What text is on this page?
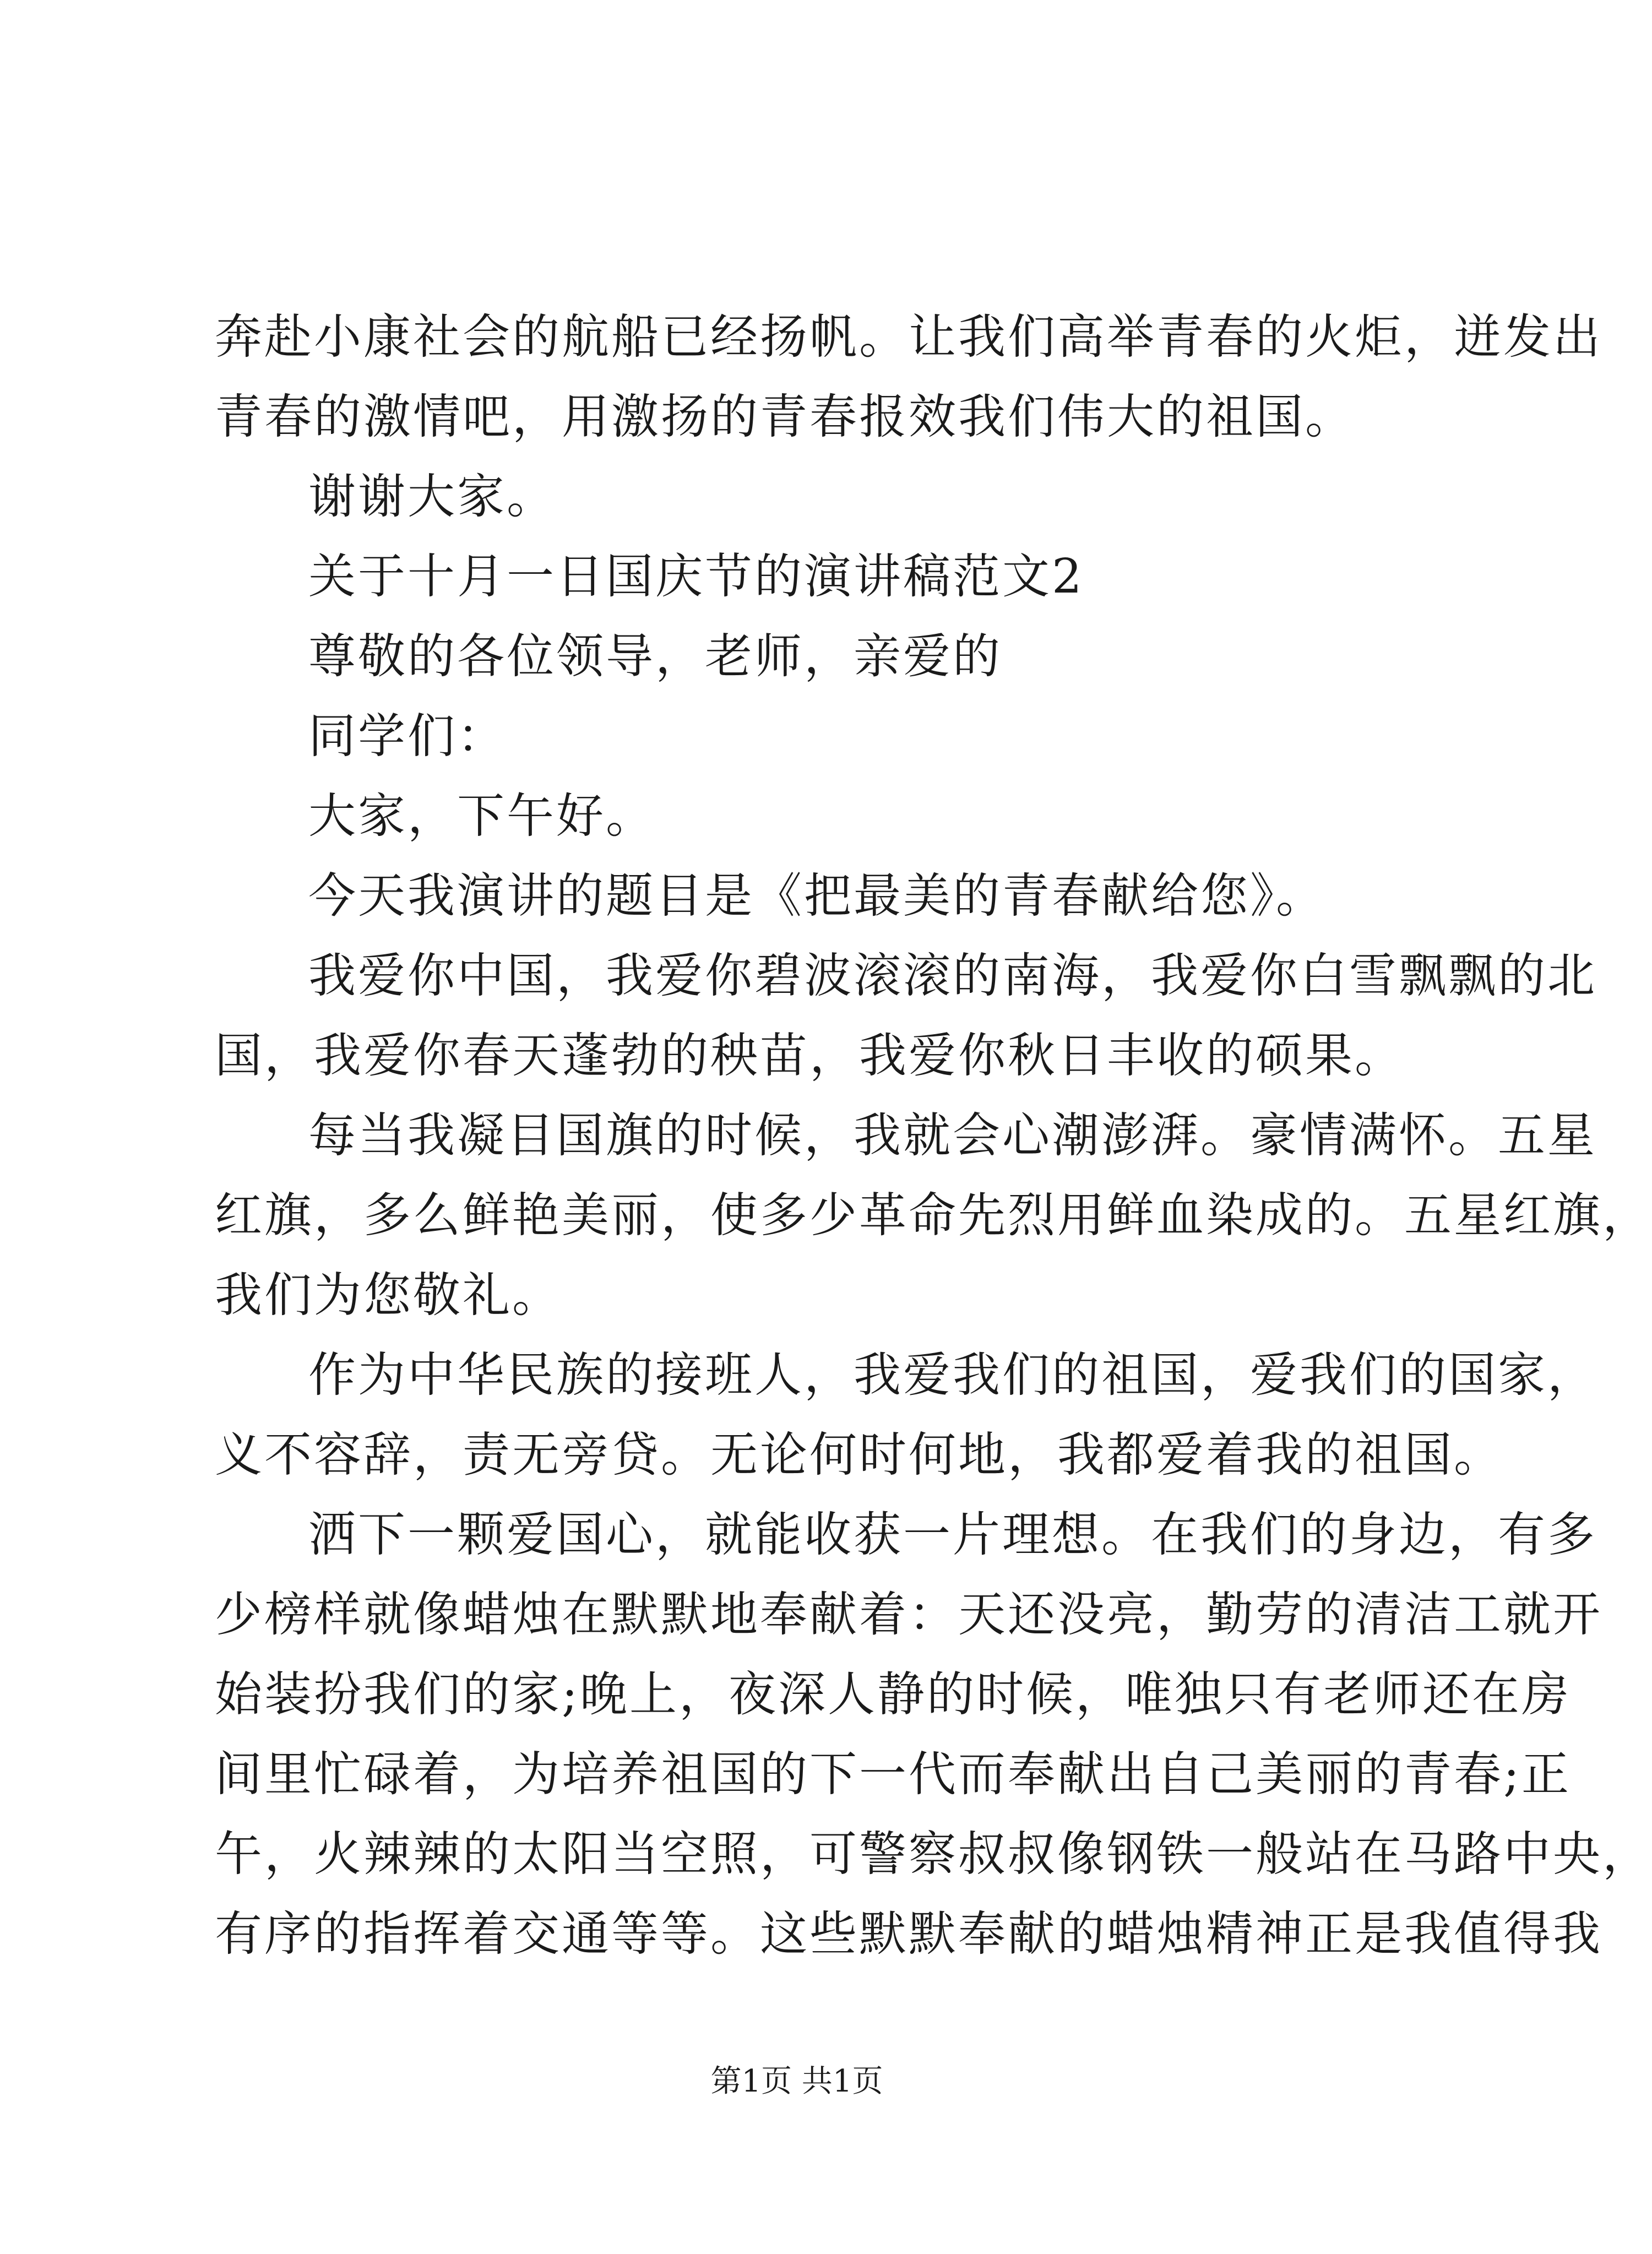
奔赴小康社会的航船已经扬帆。让我们高举青春的火炬，迸发出
青春的激情吧，用激扬的青春报效我们伟大的祖国。
谢谢大家。
关于十月一日国庆节的演讲稿范文2
尊敬的各位领导，老师，亲爱的
同学们：
大家，下午好。
今天我演讲的题目是《把最美的青春献给您》。
我爱你中国，我爱你碧波滚滚的南海，我爱你白雪飘飘的北
国，我爱你春天蓬勃的秧苗，我爱你秋日丰收的硕果。
每当我凝目国旗的时候，我就会心潮澎湃。豪情满怀。五星
红旗，多么鲜艳美丽，使多少革命先烈用鲜血染成的。五星红旗，
我们为您敬礼。
作为中华民族的接班人，我爱我们的祖国，爱我们的国家，
义不容辞，责无旁贷。无论何时何地，我都爱着我的祖国。
洒下一颗爱国心，就能收获一片理想。在我们的身边，有多
少榜样就像蜡烛在默默地奉献着：天还没亮，勤劳的清洁工就开
始装扮我们的家;晚上，夜深人静的时候，唯独只有老师还在房
间里忙碌着，为培养祖国的下一代而奉献出自己美丽的青春;正
午，火辣辣的太阳当空照，可警察叔叔像钢铁一般站在马路中央，
有序的指挥着交通等等。这些默默奉献的蜡烛精神正是我值得我
第1页 共1页
